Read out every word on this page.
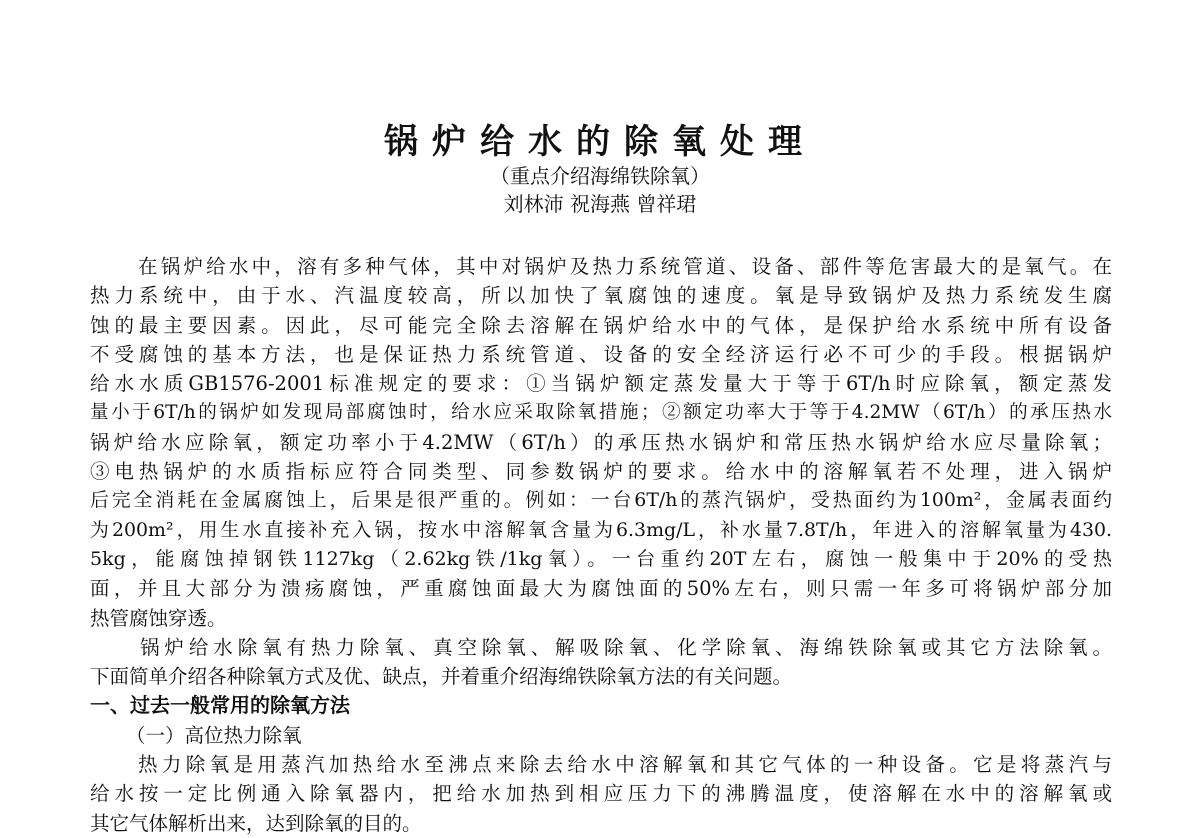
锅炉给水的除氧处理
（重点介绍海绵铁除氧）
刘林沛 祝海燕 曾祥珺
在锅炉给水中，溶有多种气体，其中对锅炉及热力系统管道、设备、部件等危害最大的是氧气。在
热力系统中，由于水、汽温度较高，所以加快了氧腐蚀的速度。氧是导致锅炉及热力系统发生腐
蚀的最主要因素。因此，尽可能完全除去溶解在锅炉给水中的气体，是保护给水系统中所有设备
不受腐蚀的基本方法，也是保证热力系统管道、设备的安全经济运行必不可少的手段。根据锅炉
给水水质GB1576-2001标准规定的要求：①当锅炉额定蒸发量大于等于6T/h时应除氧，额定蒸发
量小于6T/h的锅炉如发现局部腐蚀时，给水应采取除氧措施；②额定功率大于等于4.2MW（6T/h）的承压热水
锅炉给水应除氧，额定功率小于4.2MW（6T/h）的承压热水锅炉和常压热水锅炉给水应尽量除氧；
③电热锅炉的水质指标应符合同类型、同参数锅炉的要求。给水中的溶解氧若不处理，进入锅炉
后完全消耗在金属腐蚀上，后果是很严重的。例如：一台6T/h的蒸汽锅炉，受热面约为100m²，金属表面约
为200m²，用生水直接补充入锅，按水中溶解氧含量为6.3mg/L，补水量7.8T/h，年进入的溶解氧量为430.
5kg，能腐蚀掉钢铁1127kg（2.62kg铁/1kg氧）。一台重约20T左右，腐蚀一般集中于20%的受热
面，并且大部分为溃疡腐蚀，严重腐蚀面最大为腐蚀面的50%左右，则只需一年多可将锅炉部分加
热管腐蚀穿透。
锅炉给水除氧有热力除氧、真空除氧、解吸除氧、化学除氧、海绵铁除氧或其它方法除氧。
下面简单介绍各种除氧方式及优、缺点，并着重介绍海绵铁除氧方法的有关问题。
一、过去一般常用的除氧方法
（一）高位热力除氧
热力除氧是用蒸汽加热给水至沸点来除去给水中溶解氧和其它气体的一种设备。它是将蒸汽与
给水按一定比例通入除氧器内，把给水加热到相应压力下的沸腾温度，使溶解在水中的溶解氧或
其它气体解析出来，达到除氧的目的。
